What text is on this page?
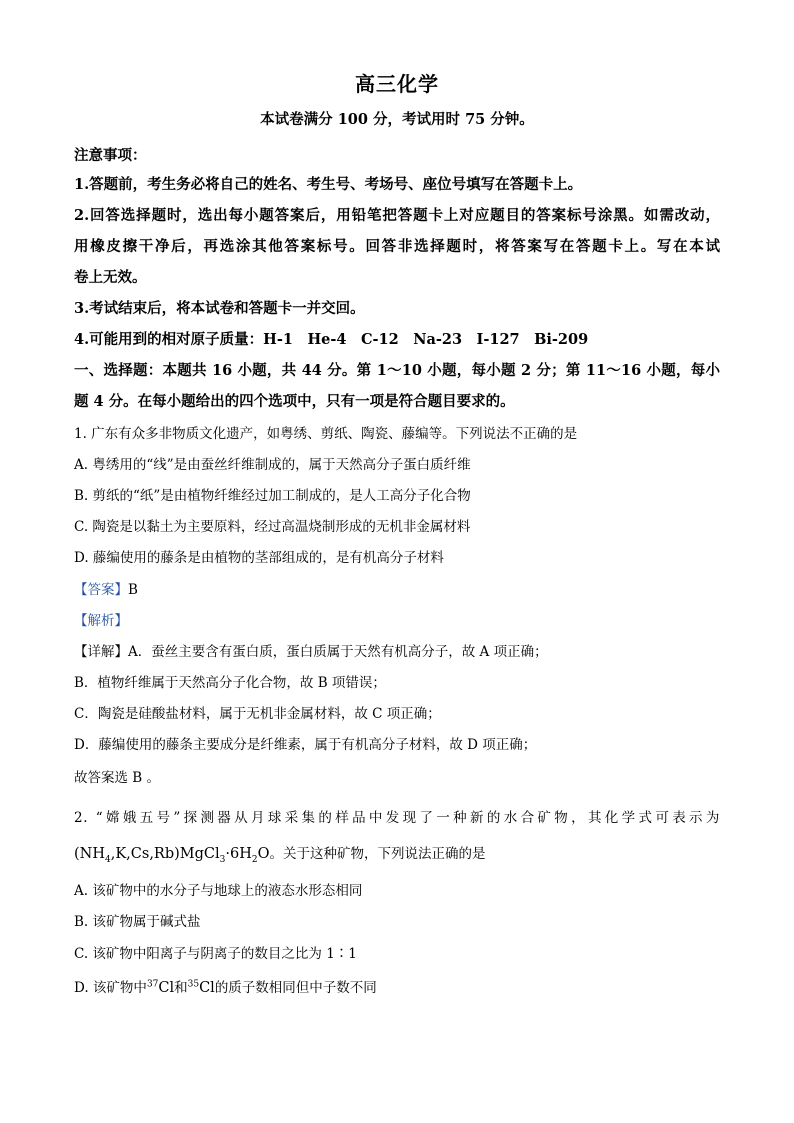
高三化学
本试卷满分 100 分，考试用时 75 分钟。
注意事项：
1.答题前，考生务必将自己的姓名、考生号、考场号、座位号填写在答题卡上。
2.回答选择题时，选出每小题答案后，用铅笔把答题卡上对应题目的答案标号涂黑。如需改动，
用橡皮擦干净后，再选涂其他答案标号。回答非选择题时，将答案写在答题卡上。写在本试
卷上无效。
3.考试结束后，将本试卷和答题卡一并交回。
4.可能用到的相对原子质量：H-1　He-4　C-12　Na-23　I-127　Bi-209
一、选择题：本题共 16 小题，共 44 分。第 1～10 小题，每小题 2 分；第 11～16 小题，每小
题 4 分。在每小题给出的四个选项中，只有一项是符合题目要求的。
1. 广东有众多非物质文化遗产，如粤绣、剪纸、陶瓷、藤编等。下列说法不正确的是
A. 粤绣用的“线”是由蚕丝纤维制成的，属于天然高分子蛋白质纤维
B. 剪纸的“纸”是由植物纤维经过加工制成的，是人工高分子化合物
C. 陶瓷是以黏土为主要原料，经过高温烧制形成的无机非金属材料
D. 藤编使用的藤条是由植物的茎部组成的，是有机高分子材料
【答案】B
【解析】
【详解】A．蚕丝主要含有蛋白质，蛋白质属于天然有机高分子，故 A 项正确；
B．植物纤维属于天然高分子化合物，故 B 项错误；
C．陶瓷是硅酸盐材料，属于无机非金属材料，故 C 项正确；
D．藤编使用的藤条主要成分是纤维素，属于有机高分子材料，故 D 项正确；
故答案选 B 。
2. “嫦娥五号”探测器从月球采集的样品中发现了一种新的水合矿物，其化学式可表示为
$(NH_4,K,Cs,Rb)MgCl_3\cdot 6H_2O$。关于这种矿物，下列说法正确的是
A. 该矿物中的水分子与地球上的液态水形态相同
B. 该矿物属于碱式盐
C. 该矿物中阳离子与阴离子的数目之比为 1∶1
D. 该矿物中$^{37}$Cl和$^{35}$Cl的质子数相同但中子数不同
